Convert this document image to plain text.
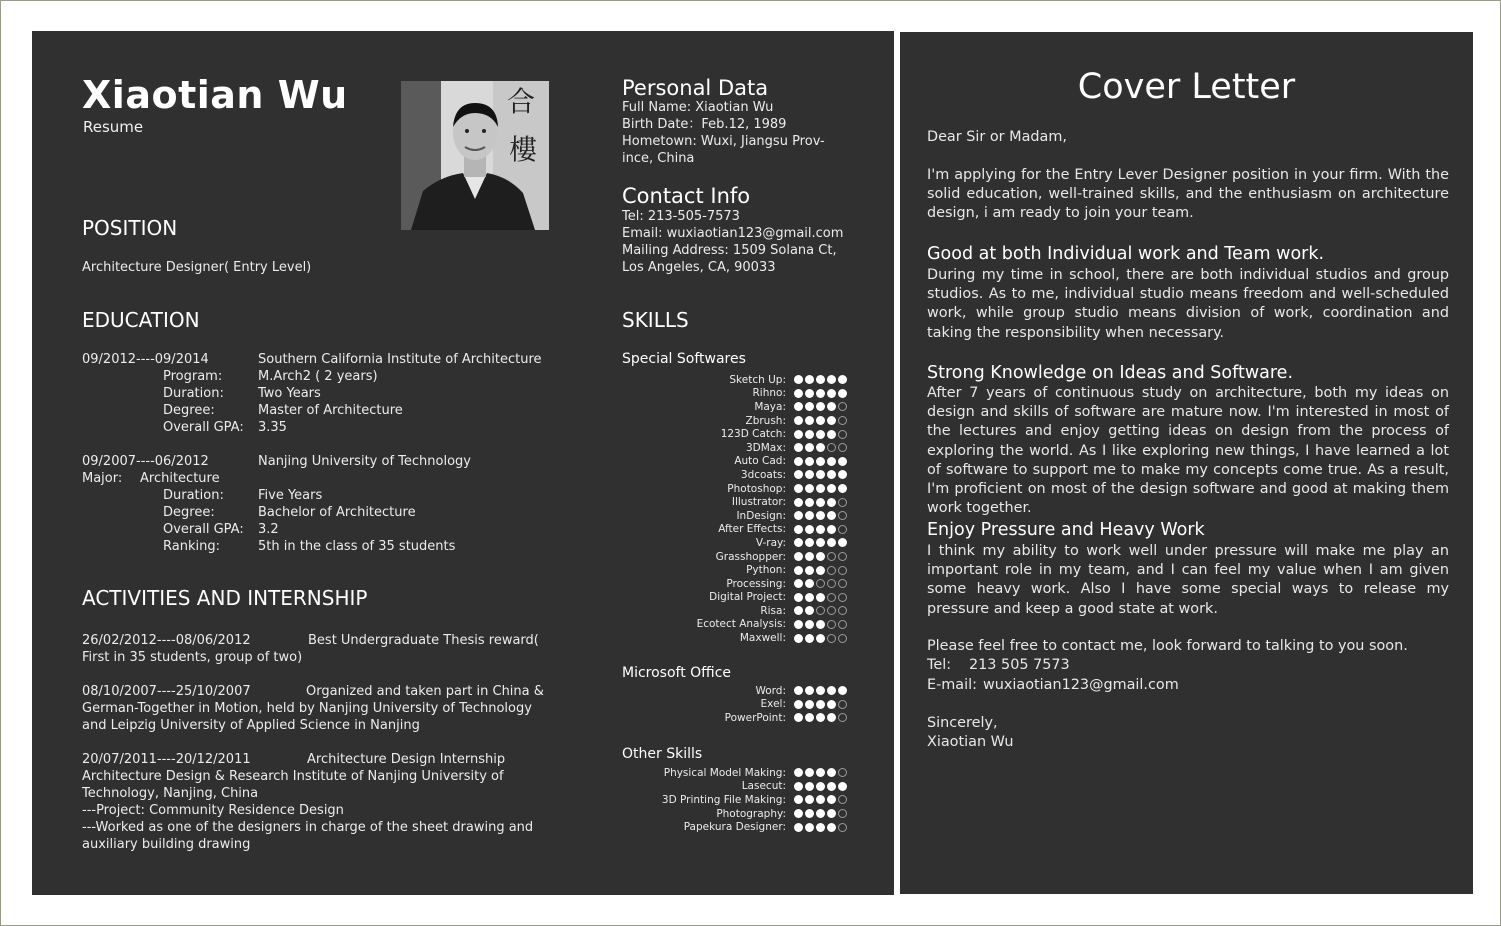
Xiaotian Wu
Resume
合
樓
POSITION
Architecture Designer( Entry Level)
EDUCATION
09/2012----09/2014	Southern California Institute of Architecture
Program:	M.Arch2 ( 2 years)
Duration:	Two Years
Degree:	Master of Architecture
Overall GPA: 3.35
09/2007----06/2012	Nanjing University of Technology
Major: Architecture
Duration:	Five Years
Degree:	Bachelor of Architecture
Overall GPA: 3.2
Ranking:	5th in the class of 35 students
ACTIVITIES AND INTERNSHIP
26/02/2012----08/06/2012	Best Undergraduate Thesis reward(
First in 35 students, group of two)
08/10/2007----25/10/2007	Organized and taken part in China &
German-Together in Motion, held by Nanjing University of Technology
and Leipzig University of Applied Science in Nanjing
20/07/2011----20/12/2011	Architecture Design Internship
Architecture Design & Research Institute of Nanjing University of
Technology, Nanjing, China
---Project: Community Residence Design
---Worked as one of the designers in charge of the sheet drawing and
auxiliary building drawing
Personal Data
Full Name: Xiaotian Wu
Birth Date：Feb.12, 1989
Hometown: Wuxi, Jiangsu Prov-
ince, China
Contact Info
Tel: 213-505-7573
Email: wuxiaotian123@gmail.com
Mailing Address: 1509 Solana Ct,
Los Angeles, CA, 90033
SKILLS
Special Softwares
Sketch Up:
Rihno:
Maya:
Zbrush:
123D Catch:
3DMax:
Auto Cad:
3dcoats:
Photoshop:
Illustrator:
InDesign:
After Effects:
V-ray:
Grasshopper:
Python:
Processing:
Digital Project:
Risa:
Ecotect Analysis:
Maxwell:
Microsoft Office
Word:
Exel:
PowerPoint:
Other Skills
Physical Model Making:
Lasecut:
3D Printing File Making:
Photography:
Papekura Designer:
Cover Letter
Dear Sir or Madam,
I'm applying for the Entry Lever Designer position in your firm. With the solid education, well-trained skills, and the enthusiasm on architecture design, i am ready to join your team.
Good at both Individual work and Team work.
During my time in school, there are both individual studios and group studios. As to me, individual studio means freedom and well-scheduled work, while group studio means division of work, coordination and taking the responsibility when necessary.
Strong Knowledge on Ideas and Software.
After 7 years of continuous study on architecture, both my ideas on design and skills of software are mature now. I'm interested in most of the lectures and enjoy getting ideas on design from the process of exploring the world. As I like exploring new things, I have learned a lot of software to support me to make my concepts come true. As a result, I'm proficient on most of the design software and good at making them work together.
Enjoy Pressure and Heavy Work
I think my ability to work well under pressure will make me play an important role in my team, and I can feel my value when I am given some heavy work. Also I have some special ways to release my pressure and keep a good state at work.
Please feel free to contact me, look forward to talking to you soon.
Tel: 213 505 7573
E-mail: wuxiaotian123@gmail.com
Sincerely,
Xiaotian Wu
